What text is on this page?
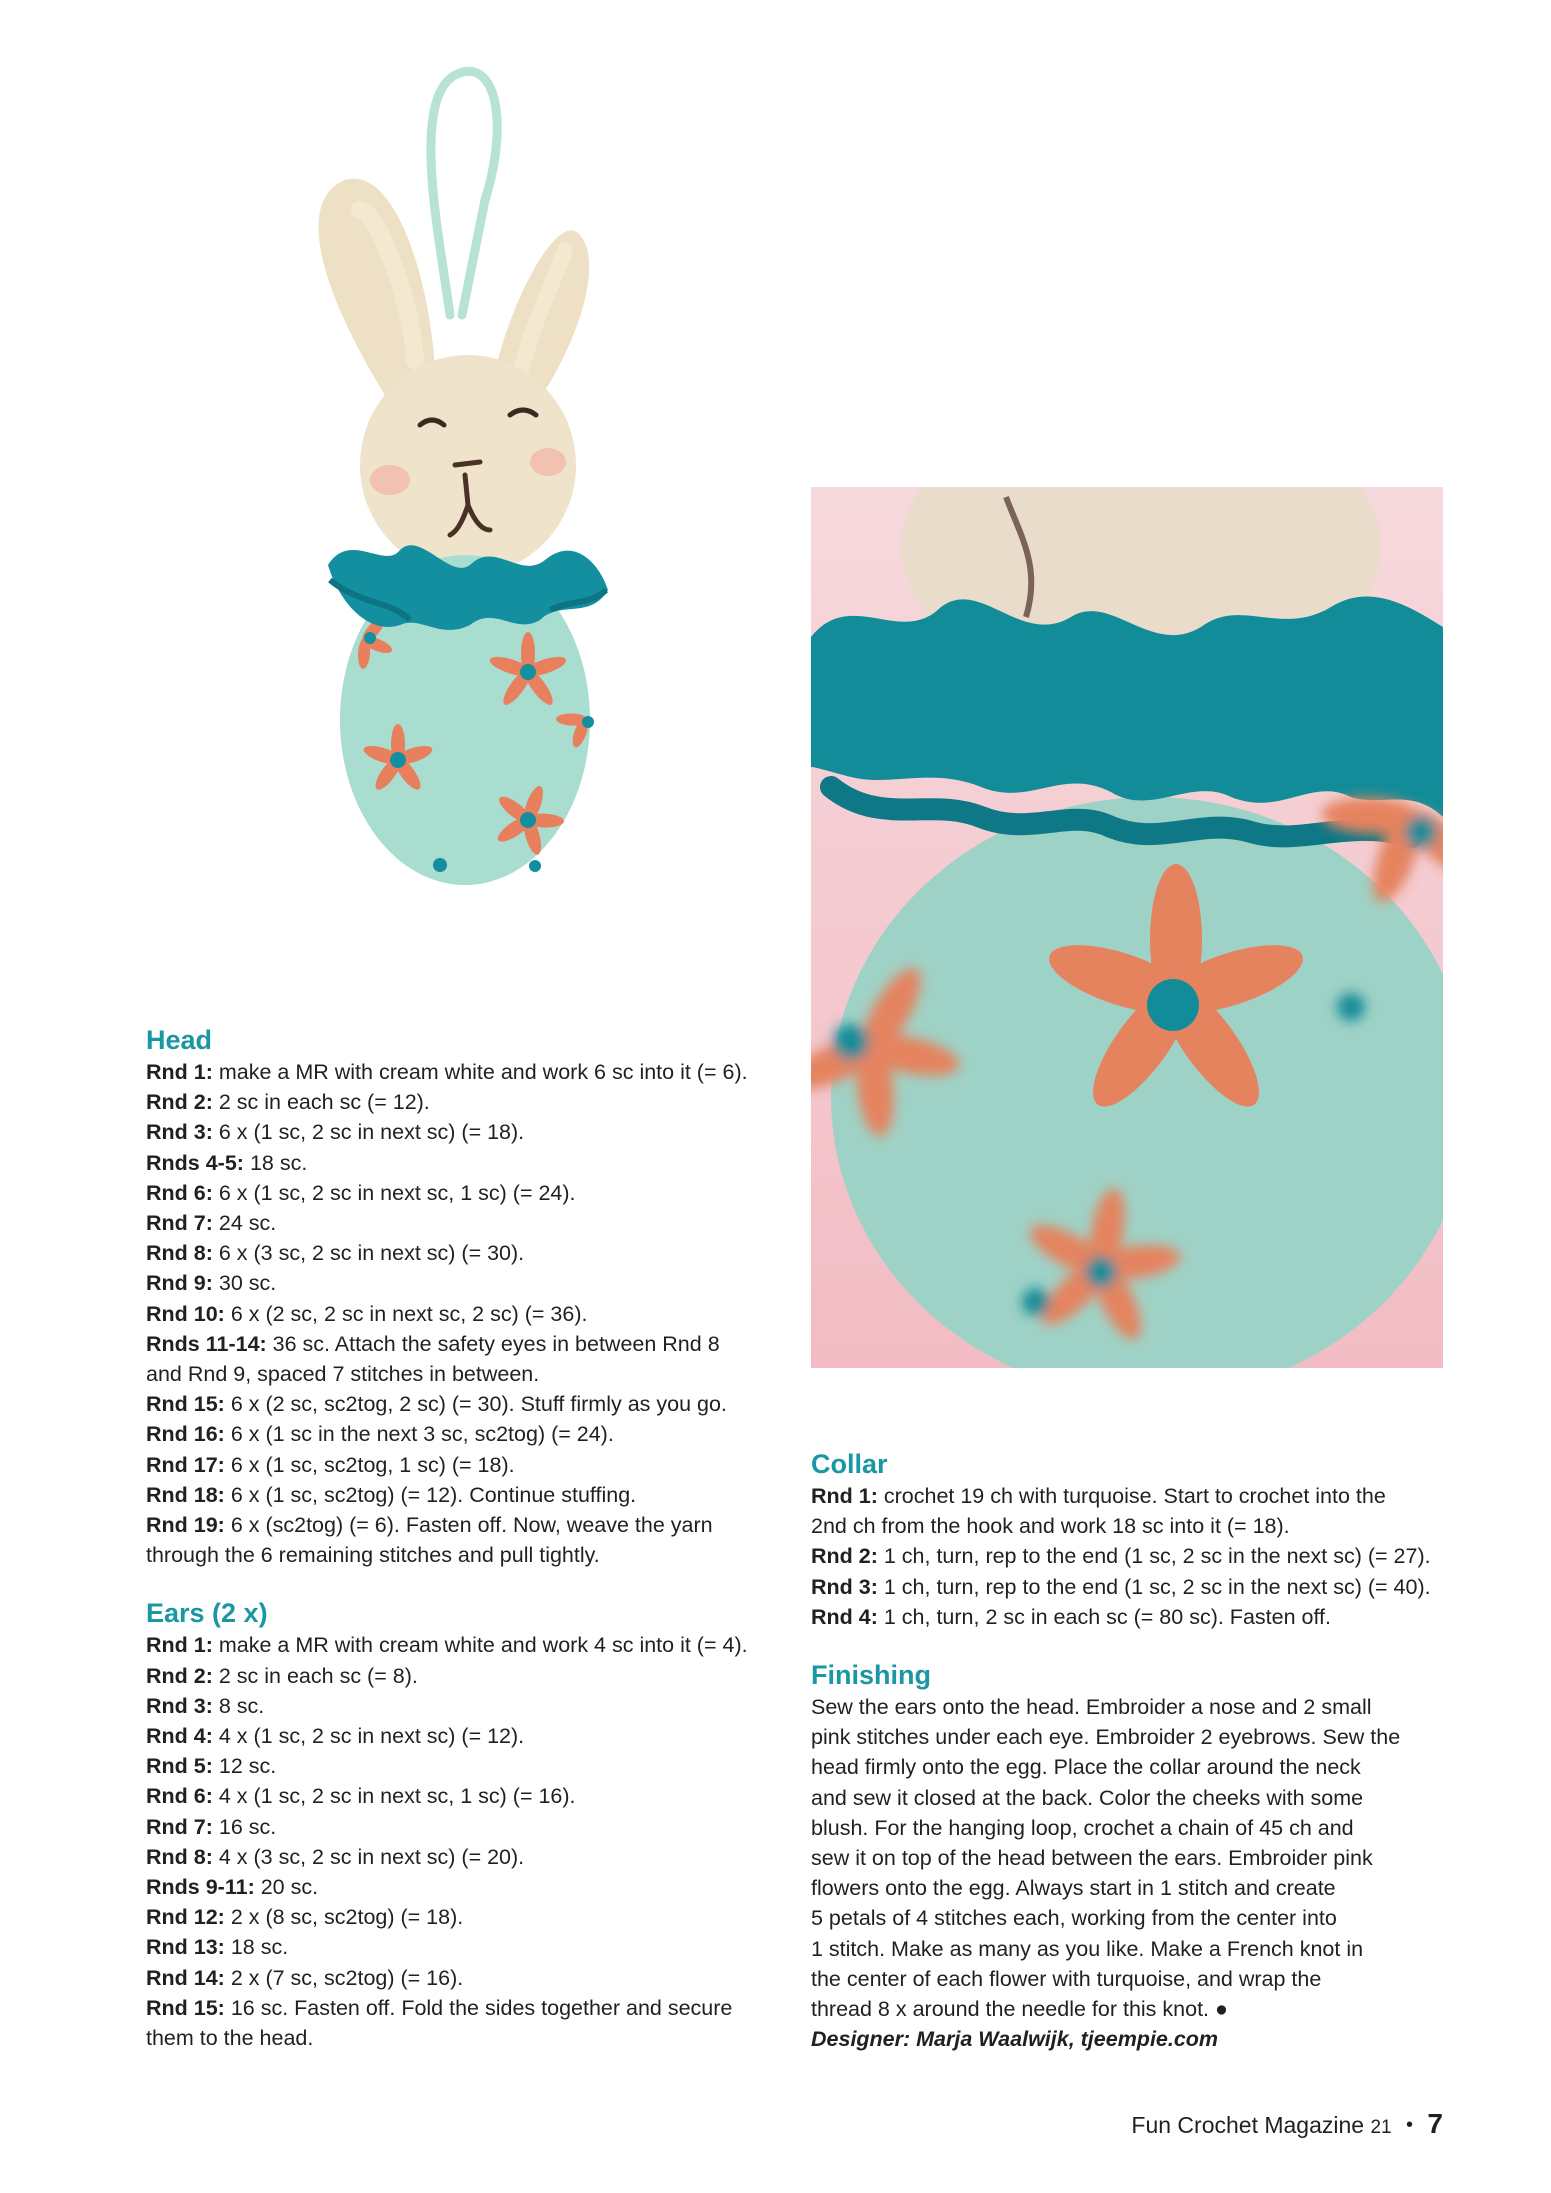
Head

Rnd 1: make a MR with cream white and work 6 sc into it (= 6).

Rnd 2: 2 sc in each sc (= 12).

Rnd 3: 6 x (1 sc, 2 sc in next sc) (= 18).

Rnds 4-5: 18 sc.

Rnd 6: 6 x (1 sc, 2 sc in next sc, 1 sc) (= 24).

Rnd 7: 24 sc.

Rnd 8: 6 x (3 sc, 2 sc in next sc) (= 30).

Rnd 9: 30 sc.

Rnd 10: 6 x (2 sc, 2 sc in next sc, 2 sc) (= 36).

Rnds 11-14: 36 sc. Attach the safety eyes in between Rnd 8

and Rnd 9, spaced 7 stitches in between.

Rnd 15: 6 x (2 sc, sc2tog, 2 sc) (= 30). Stuff firmly as you go.

Rnd 16: 6 x (1 sc in the next 3 sc, sc2tog) (= 24).

Rnd 17: 6 x (1 sc, sc2tog, 1 sc) (= 18).

Rnd 18: 6 x (1 sc, sc2tog) (= 12). Continue stuffing.

Rnd 19: 6 x (sc2tog) (= 6). Fasten off. Now, weave the yarn

through the 6 remaining stitches and pull tightly.

Ears (2 x)

Rnd 1: make a MR with cream white and work 4 sc into it (= 4).

Rnd 2: 2 sc in each sc (= 8).

Rnd 3: 8 sc.

Rnd 4: 4 x (1 sc, 2 sc in next sc) (= 12).

Rnd 5: 12 sc.

Rnd 6: 4 x (1 sc, 2 sc in next sc, 1 sc) (= 16).

Rnd 7: 16 sc.

Rnd 8: 4 x (3 sc, 2 sc in next sc) (= 20).

Rnds 9-11: 20 sc.

Rnd 12: 2 x (8 sc, sc2tog) (= 18).

Rnd 13: 18 sc.

Rnd 14: 2 x (7 sc, sc2tog) (= 16).

Rnd 15: 16 sc. Fasten off. Fold the sides together and secure

them to the head.

Collar

Rnd 1: crochet 19 ch with turquoise. Start to crochet into the

2nd ch from the hook and work 18 sc into it (= 18).

Rnd 2: 1 ch, turn, rep to the end (1 sc, 2 sc in the next sc) (= 27).

Rnd 3: 1 ch, turn, rep to the end (1 sc, 2 sc in the next sc) (= 40).

Rnd 4: 1 ch, turn, 2 sc in each sc (= 80 sc). Fasten off.

Finishing

Sew the ears onto the head. Embroider a nose and 2 small

pink stitches under each eye. Embroider 2 eyebrows. Sew the

head firmly onto the egg. Place the collar around the neck

and sew it closed at the back. Color the cheeks with some

blush. For the hanging loop, crochet a chain of 45 ch and

sew it on top of the head between the ears. Embroider pink

flowers onto the egg. Always start in 1 stitch and create

5 petals of 4 stitches each, working from the center into

1 stitch. Make as many as you like. Make a French knot in

the center of each flower with turquoise, and wrap the

thread 8 x around the needle for this knot. ●

Designer: Marja Waalwijk, tjeempie.com

Fun Crochet Magazine 21 • 7
